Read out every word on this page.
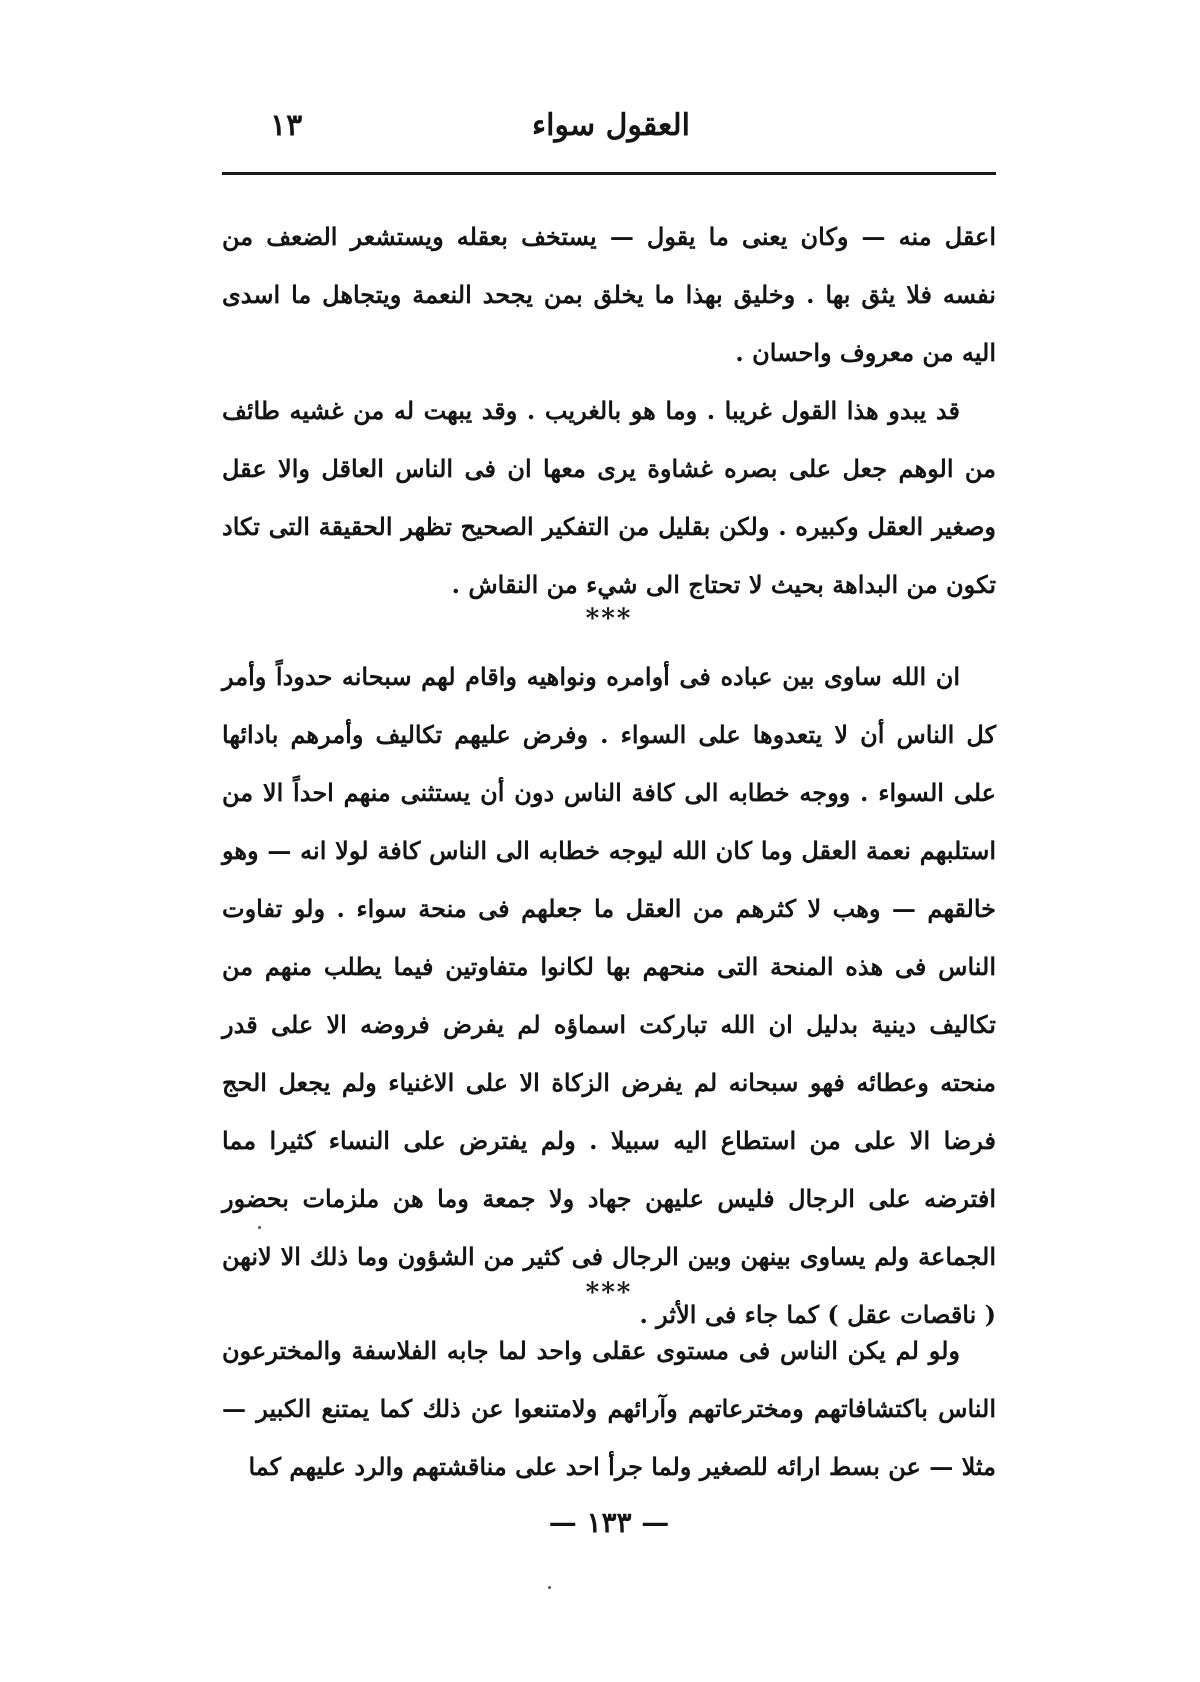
العقول سواء
١٣

اعقل منه — وكان يعنى ما يقول — يستخف بعقله ويستشعر الضعف من نفسه فلا يثق بها . وخليق بهذا ما يخلق بمن يجحد النعمة ويتجاهل ما اسدى اليه من معروف واحسان .

قد يبدو هذا القول غريبا . وما هو بالغريب . وقد يبهت له من غشيه طائف من الوهم جعل على بصره غشاوة يرى معها ان فى الناس العاقل والا عقل وصغير العقل وكبيره . ولكن بقليل من التفكير الصحيح تظهر الحقيقة التى تكاد تكون من البداهة بحيث لا تحتاج الى شيء من النقاش .

***

ان الله ساوى بين عباده فى أوامره ونواهيه واقام لهم سبحانه حدوداً وأمر كل الناس أن لا يتعدوها على السواء . وفرض عليهم تكاليف وأمرهم بادائها على السواء . ووجه خطابه الى كافة الناس دون أن يستثنى منهم احداً الا من استلبهم نعمة العقل وما كان الله ليوجه خطابه الى الناس كافة لولا انه — وهو خالقهم — وهب لا كثرهم من العقل ما جعلهم فى منحة سواء . ولو تفاوت الناس فى هذه المنحة التى منحهم بها لكانوا متفاوتين فيما يطلب منهم من تكاليف دينية بدليل ان الله تباركت اسماؤه لم يفرض فروضه الا على قدر منحته وعطائه فهو سبحانه لم يفرض الزكاة الا على الاغنياء ولم يجعل الحج فرضا الا على من استطاع اليه سبيلا . ولم يفترض على النساء كثيرا مما افترضه على الرجال فليس عليهن جهاد ولا جمعة وما هن ملزمات بحضور الجماعة ولم يساوى بينهن وبين الرجال فى كثير من الشؤون وما ذلك الا لانهن ( ناقصات عقل ) كما جاء فى الأثر .

***

ولو لم يكن الناس فى مستوى عقلى واحد لما جابه الفلاسفة والمخترعون الناس باكتشافاتهم ومخترعاتهم وآرائهم ولامتنعوا عن ذلك كما يمتنع الكبير — مثلا — عن بسط ارائه للصغير ولما جرأ احد على مناقشتهم والرد عليهم كما

— ١٣٣ —
